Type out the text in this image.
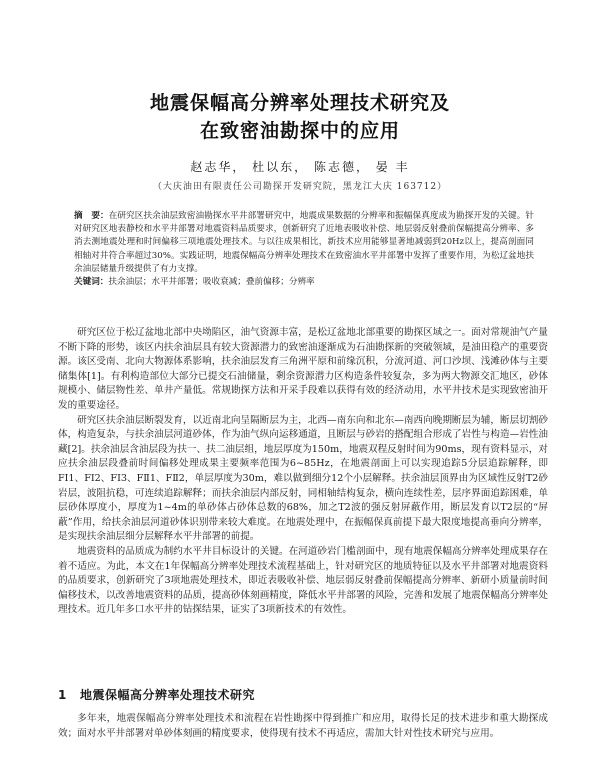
地震保幅高分辨率处理技术研究及
在致密油勘探中的应用
赵志华， 杜以东， 陈志德， 晏 丰
（大庆油田有限责任公司勘探开发研究院，黑龙江大庆 163712）

摘　要：在研究区扶余油层致密油勘探水平井部署研究中，地震成果数据的分辨率和振幅保真度成为勘探开发的关键。针对研究区地表静校和水平井部署对地震资料品质要求，创新研究了近地表吸收补偿、地层弱反射叠前保幅提高分辨率、多消去测地震处理和时间偏移三项地震处理技术。与以往成果相比，新技术应用能够显著地减弱到20Hz以上，提高剖面同相轴对井符合率超过30%。实践证明，地震保幅高分辨率处理技术在致密油水平井部署中发挥了重要作用，为松辽盆地扶余油层储量升级提供了有力支撑。

关键词：扶余油层；水平井部署；吸收衰减；叠前偏移；分辨率

研究区位于松辽盆地北部中央坳陷区，油气资源丰富，是松辽盆地北部重要的勘探区域之一。面对常规油气产量不断下降的形势，该区内扶余油层具有较大资源潜力的致密油逐渐成为石油勘探新的突破领域，是油田稳产的重要资源。该区受南、北向大物源体系影响，扶余油层发育三角洲平原和前缘沉积，分流河道、河口沙坝、浅滩砂体与主要储集体[1]。有利构造部位大部分已提交石油储量，剩余资源潜力区构造条件较复杂，多为两大物源交汇地区，砂体规模小、储层物性差、单井产量低。常规勘探方法和开采手段难以获得有效的经济动用，水平井技术是实现致密油开发的重要途径。

研究区扶余油层断裂发育，以近南北向呈隔断层为主，北西—南东向和北东—南西向晚期断层为辅，断层切割砂体，构造复杂，与扶余油层河道砂体，作为油气纵向运移通道，且断层与砂岩的搭配组合形成了岩性与构造—岩性油藏[2]。扶余油层含油层段为扶一、扶二油层组，地层厚度为150m，地震双程反射时间为90ms，现有资料显示，对应扶余油层段叠前时间偏移处理成果主要频率范围为6~85Hz，在地震剖面上可以实现追踪5分层追踪解释，即FⅠ1、FⅠ2、FⅠ3、FⅡ1、FⅡ2，单层厚度为30m，难以做到细分12个小层解释。扶余油层顶界由为区域性反射T2砂岩层，波阻抗稳，可连续追踪解释；而扶余油层内部反射，同相轴结构复杂，横向连续性差，层序界面追踪困难，单层砂体厚度小，厚度为1~4m的单砂体占砂体总数的68%，加之T2波的强反射屏蔽作用，断层发育以T2层的“屏蔽”作用，给扶余油层河道砂体识别带来较大难度。在地震处理中，在振幅保真前提下最大限度地提高垂向分辨率，是实现扶余油层细分层解释水平井部署的前提。

地震资料的品质成为制约水平井目标设计的关键。在河道砂岩门槛剖面中，现有地震保幅高分辨率处理成果存在着不适应。为此，本文在1年保幅高分辨率处理技术流程基础上，针对研究区的地质特征以及水平井部署对地震资料的品质要求，创新研究了3项地震处理技术，即近表吸收补偿、地层弱反射叠前保幅提高分辨率、新研小质量前时间偏移技术，以改善地震资料的品质，提高砂体刻画精度，降低水平井部署的风险，完善和发展了地震保幅高分辨率处理技术。近几年多口水平井的钻探结果，证实了3项新技术的有效性。

1 地震保幅高分辨率处理技术研究

多年来，地震保幅高分辨率处理技术和流程在岩性勘探中得到推广和应用，取得长足的技术进步和重大勘探成效；面对水平井部署对单砂体刻画的精度要求，使得现有技术不再适应，需加大针对性技术研究与应用。
